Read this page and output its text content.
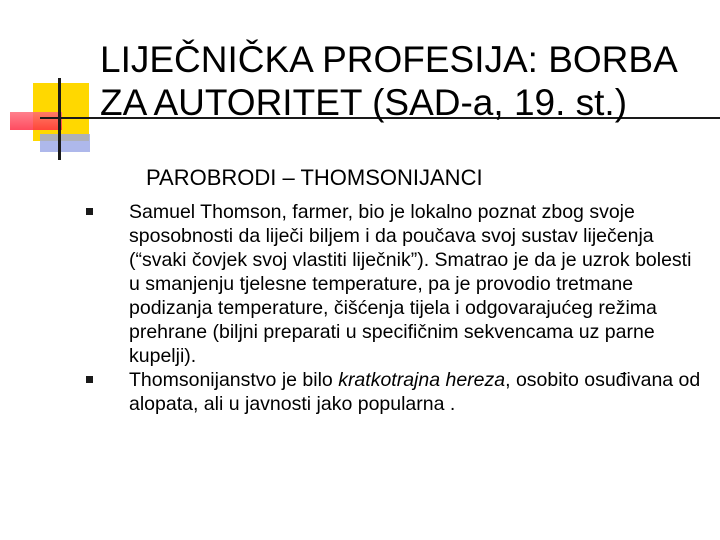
LIJEČNIČKA PROFESIJA: BORBA ZA AUTORITET (SAD-a, 19. st.)

PAROBRODI – THOMSONIJANCI

Samuel Thomson, farmer, bio je lokalno poznat zbog svoje sposobnosti da liječi biljem i da poučava svoj sustav liječenja (“svaki čovjek svoj vlastiti liječnik”). Smatrao je da je uzrok bolesti u smanjenju tjelesne temperature, pa je provodio tretmane podizanja temperature, čišćenja tijela i odgovarajućeg režima prehrane (biljni preparati u specifičnim sekvencama uz parne kupelji).
Thomsonijanstvo je bilo kratkotrajna hereza, osobito osuđivana od alopata, ali u javnosti jako popularna .
